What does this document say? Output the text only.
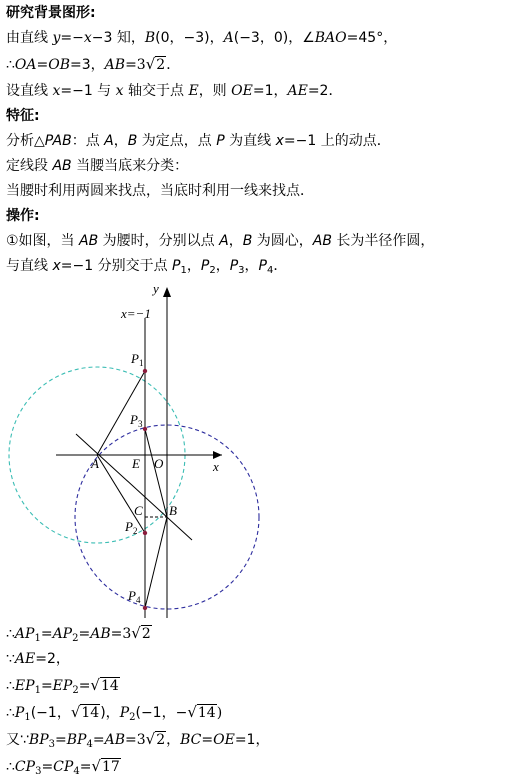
研究背景图形:
由直线 y=−x−3 知，B(0，−3)，A(−3，0)，∠BAO=45°，
∴OA=OB=3，AB=3√2．
设直线 x=−1 与 x 轴交于点 E，则 OE=1，AE=2．
特征:
分析△PAB：点 A，B 为定点，点 P 为直线 x=−1 上的动点．
定线段 AB 当腰当底来分类：
当腰时利用两圆来找点，当底时利用一线来找点．
操作:
①如图，当 AB 为腰时，分别以点 A，B 为圆心，AB 长为半径作圆，
与直线 x=−1 分别交于点 $P_1$，$P_2$，$P_3$，$P_4$．
y
x
x=−1
$P_1$
$P_3$
$P_2$
$P_4$
A	E O
C B
$\therefore AP_1=AP_2=AB=3√2$
∵AE=2，
$\therefore EP_1=EP_2=√14$
$\therefore P_1(-1$，√14)，$P_2(-1$，−√14)
又$\because BP_3=BP_4=AB=3√2$，BC=OE=1，
$\therefore CP_3=CP_4=√17$
